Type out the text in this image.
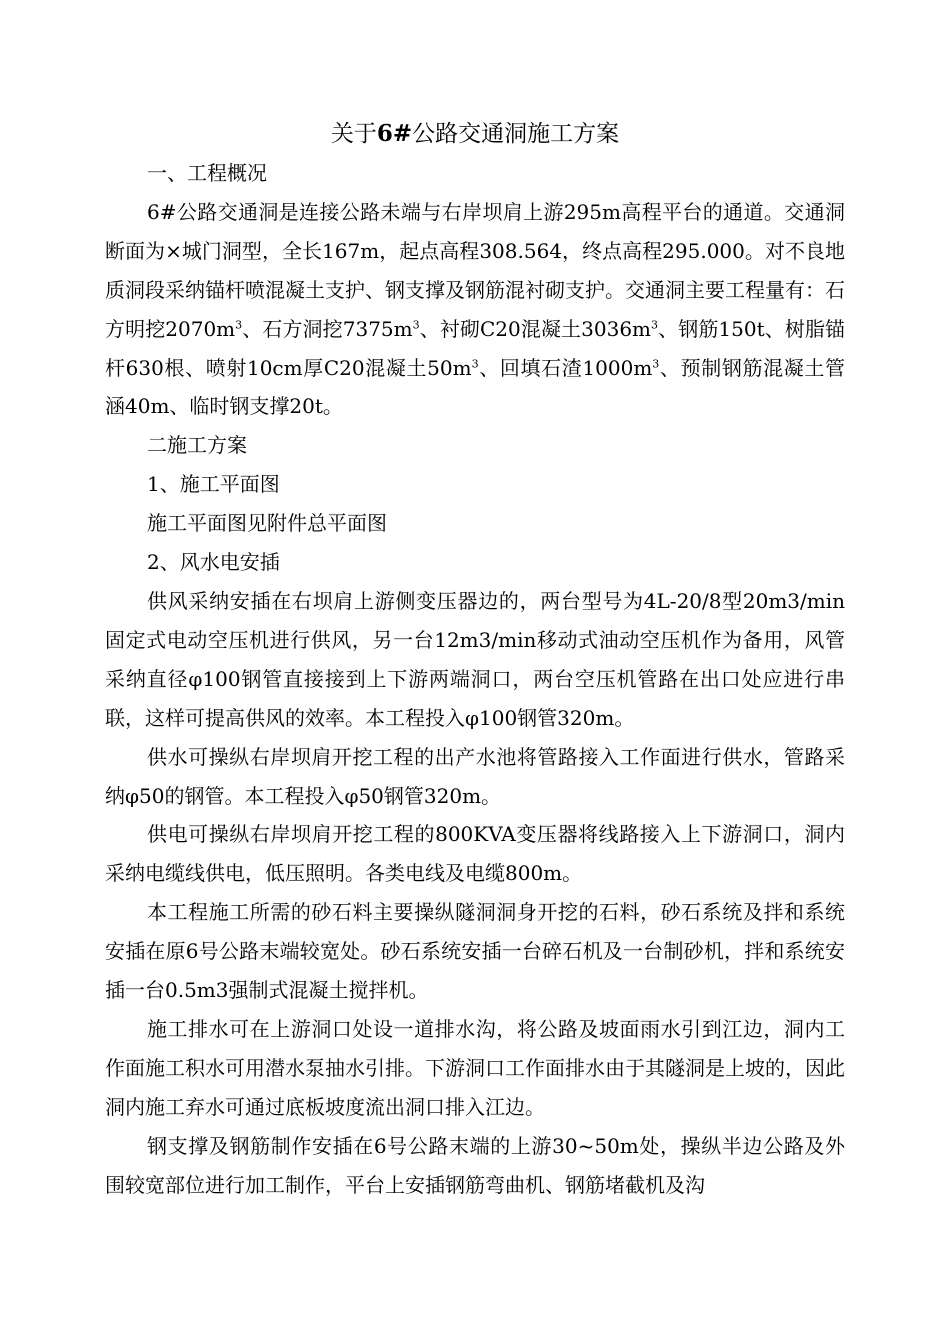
关于6#公路交通洞施工方案

一、工程概况

6#公路交通洞是连接公路未端与右岸坝肩上游295m高程平台的通道。交通洞断面为×城门洞型，全长167m，起点高程308.564，终点高程295.000。对不良地质洞段采纳锚杆喷混凝土支护、钢支撑及钢筋混衬砌支护。交通洞主要工程量有：石方明挖$2070m^3$、石方洞挖$7375m^3$、衬砌C20混凝土$3036m^3$、钢筋150t、树脂锚杆630根、喷射10cm厚C20混凝土$50m^3$、回填石渣$1000m^3$、预制钢筋混凝土管涵40m、临时钢支撑20t。

二施工方案

1、施工平面图

施工平面图见附件总平面图

2、风水电安插

供风采纳安插在右坝肩上游侧变压器边的，两台型号为4L-20/8型20m3/min固定式电动空压机进行供风，另一台12m3/min移动式油动空压机作为备用，风管采纳直径φ100钢管直接接到上下游两端洞口，两台空压机管路在出口处应进行串联，这样可提高供风的效率。本工程投入φ100钢管320m。

供水可操纵右岸坝肩开挖工程的出产水池将管路接入工作面进行供水，管路采纳φ50的钢管。本工程投入φ50钢管320m。

供电可操纵右岸坝肩开挖工程的800KVA变压器将线路接入上下游洞口，洞内采纳电缆线供电，低压照明。各类电线及电缆800m。

本工程施工所需的砂石料主要操纵隧洞洞身开挖的石料，砂石系统及拌和系统安插在原6号公路末端较宽处。砂石系统安插一台碎石机及一台制砂机，拌和系统安插一台0.5m3强制式混凝土搅拌机。

施工排水可在上游洞口处设一道排水沟，将公路及坡面雨水引到江边，洞内工作面施工积水可用潜水泵抽水引排。下游洞口工作面排水由于其隧洞是上坡的，因此洞内施工弃水可通过底板坡度流出洞口排入江边。

钢支撑及钢筋制作安插在6号公路末端的上游30~50m处，操纵半边公路及外围较宽部位进行加工制作，平台上安插钢筋弯曲机、钢筋堵截机及沟
